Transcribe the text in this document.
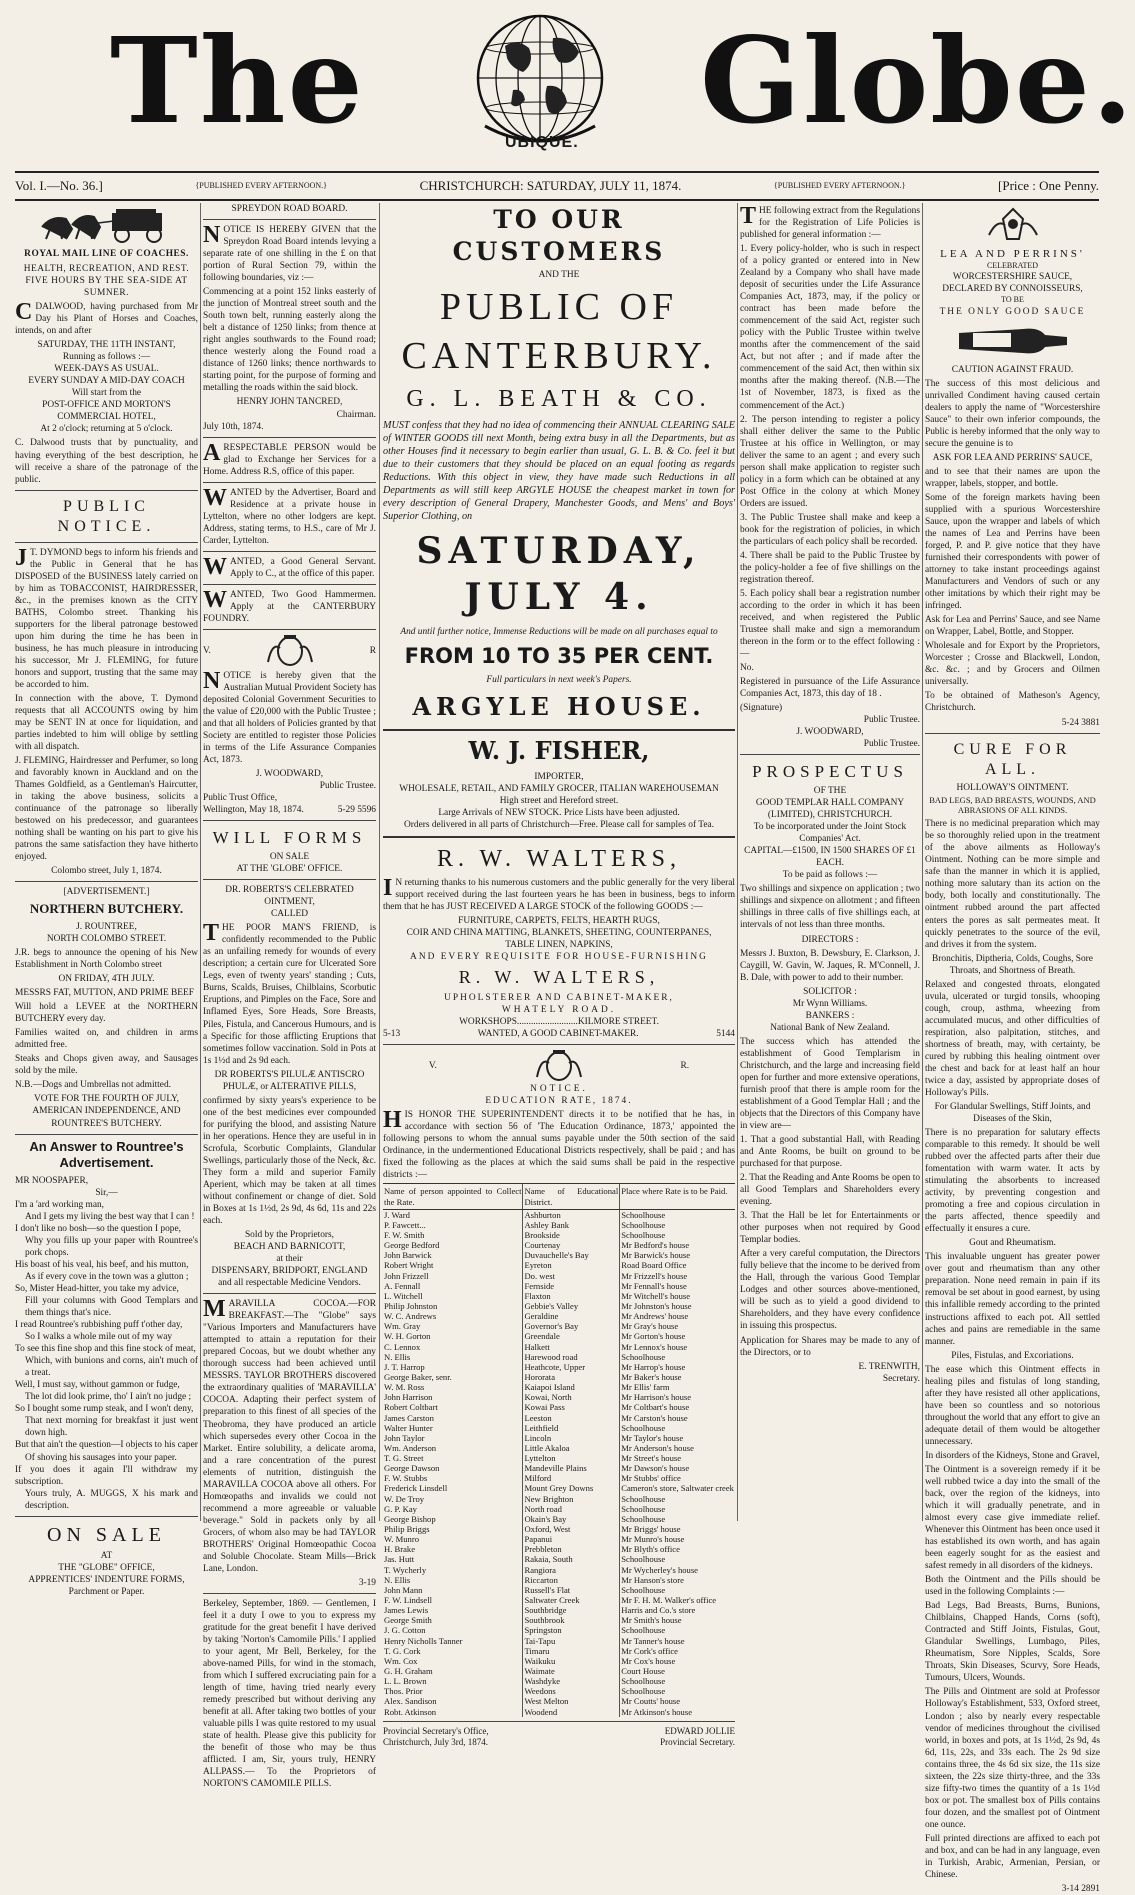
The	UBIQUE. Globe.
Vol. I.—No. 36.]	{PUBLISHED EVERY AFTERNOON.}	CHRISTCHURCH: SATURDAY, JULY 11, 1874.	{PUBLISHED EVERY AFTERNOON.}	[Price : One Penny.
ROYAL MAIL LINE OF COACHES.
HEALTH, RECREATION, AND REST.
FIVE HOURS BY THE SEA-SIDE AT SUMNER.

CDALWOOD, having purchased from Mr Day his Plant of Horses and Coaches, intends, on and after

SATURDAY, THE 11TH INSTANT,
Running as follows :—
WEEK-DAYS AS USUAL.
EVERY SUNDAY A MID-DAY COACH
Will start from the
POST-OFFICE AND MORTON'S COMMERCIAL HOTEL,
At 2 o'clock; returning at 5 o'clock.

C. Dalwood trusts that by punctuality, and having everything of the best description, he will receive a share of the patronage of the public.

PUBLIC NOTICE.

J T. DYMOND begs to inform his friends and the Public in General that he has DISPOSED of the BUSINESS lately carried on by him as TOBACCONIST, HAIRDRESSER, &c., in the premises known as the CITY BATHS, Colombo street. Thanking his supporters for the liberal patronage bestowed upon him during the time he has been in business, he has much pleasure in introducing his successor, Mr J. FLEMING, for future honors and support, trusting that the same may be accorded to him.

In connection with the above, T. Dymond requests that all ACCOUNTS owing by him may be SENT IN at once for liquidation, and parties indebted to him will oblige by settling with all dispatch.

J. FLEMING, Hairdresser and Perfumer, so long and favorably known in Auckland and on the Thames Goldfield, as a Gentleman's Haircutter, in taking the above business, solicits a continuance of the patronage so liberally bestowed on his predecessor, and guarantees nothing shall be wanting on his part to give his patrons the same satisfaction they have hitherto enjoyed.

Colombo street, July 1, 1874.
[ADVERTISEMENT.]
NORTHERN BUTCHERY.
J. ROUNTREE,
NORTH COLOMBO STREET.

J.R. begs to announce the opening of his New Establishment in North Colombo street

ON FRIDAY, 4TH JULY.

MESSRS FAT, MUTTON, AND PRIME BEEF

Will hold a LEVEE at the NORTHERN BUTCHERY every day.

Families waited on, and children in arms admitted free.

Steaks and Chops given away, and Sausages sold by the mile.

N.B.—Dogs and Umbrellas not admitted.

VOTE FOR THE FOURTH OF JULY, AMERICAN INDEPENDENCE, AND ROUNTREE'S BUTCHERY.

An Answer to Rountree's Advertisement.
MR NOOSPAPER,
Sir,—
I'm a 'ard working man,
And I gets my living the best way that I can !
I don't like no bosh—so the question I pope,
Why you fills up your paper with Rountree's pork chops.
His boast of his veal, his beef, and his mutton,
As if every cove in the town was a glutton ;
So, Mister Head-hitter, you take my advice,
Fill your columns with Good Templars and them things that's nice.
I read Rountree's rubbishing puff t'other day,
So I walks a whole mile out of my way
To see this fine shop and this fine stock of meat,
Which, with bunions and corns, ain't much of a treat.
Well, I must say, without gammon or fudge,
The lot did look prime, tho' I ain't no judge ;
So I bought some rump steak, and I won't deny,
That next morning for breakfast it just went down high.
But that ain't the question—I objects to his caper
Of shoving his sausages into your paper.
If you does it again I'll withdraw my subscription.
Yours truly, A. MUGGS, X his mark and description.
ON SALE
AT
THE "GLOBE" OFFICE,
APPRENTICES' INDENTURE FORMS,
Parchment or Paper.
SPREYDON ROAD BOARD.

NOTICE IS HEREBY GIVEN that the Spreydon Road Board intends levying a separate rate of one shilling in the £ on that portion of Rural Section 79, within the following boundaries, viz :—

Commencing at a point 152 links easterly of the junction of Montreal street south and the South town belt, running easterly along the belt a distance of 1250 links; from thence at right angles southwards to the Found road; thence westerly along the Found road a distance of 1260 links; thence northwards to starting point, for the purpose of forming and metalling the roads within the said block.

HENRY JOHN TANCRED,
Chairman.
July 10th, 1874.

ARESPECTABLE PERSON would be glad to Exchange her Services for a Home. Address R.S, office of this paper.

WANTED by the Advertiser, Board and Residence at a private house in Lyttelton, where no other lodgers are kept. Address, stating terms, to H.S., care of Mr J. Carder, Lyttelton.

WANTED, a Good General Servant. Apply to C., at the office of this paper.

WANTED, Two Good Hammermen. Apply at the CANTERBURY FOUNDRY.

V.	R

NOTICE is hereby given that the Australian Mutual Provident Society has deposited Colonial Government Securities to the value of £20,000 with the Public Trustee ; and that all holders of Policies granted by that Society are entitled to register those Policies in terms of the Life Assurance Companies Act, 1873.

J. WOODWARD,
Public Trustee.
Public Trust Office,
Wellington, May 18, 1874.	5-29 5596
WILL FORMS
ON SALE
AT THE 'GLOBE' OFFICE.
DR. ROBERTS'S CELEBRATED OINTMENT,
CALLED

THE POOR MAN'S FRIEND, is confidently recommended to the Public as an unfailing remedy for wounds of every description; a certain cure for Ulcerated Sore Legs, even of twenty years' standing ; Cuts, Burns, Scalds, Bruises, Chilblains, Scorbutic Eruptions, and Pimples on the Face, Sore and Inflamed Eyes, Sore Heads, Sore Breasts, Piles, Fistula, and Cancerous Humours, and is a Specific for those afflicting Eruptions that sometimes follow vaccination. Sold in Pots at 1s 1½d and 2s 9d each.

DR ROBERTS'S PILULÆ ANTISCRO PHULÆ, or ALTERATIVE PILLS,

confirmed by sixty years's experience to be one of the best medicines ever compounded for purifying the blood, and assisting Nature in her operations. Hence they are useful in in Scrofula, Scorbutic Complaints, Glandular Swellings, particularly those of the Neck, &c. They form a mild and superior Family Aperient, which may be taken at all times without confinement or change of diet. Sold in Boxes at 1s 1½d, 2s 9d, 4s 6d, 11s and 22s each.

Sold by the Proprietors,
BEACH AND BARNICOTT,
at their
DISPENSARY, BRIDPORT, ENGLAND
and all respectable Medicine Vendors.

MARAVILLA COCOA.—FOR BREAKFAST.—The "Globe" says "Various Importers and Manufacturers have attempted to attain a reputation for their prepared Cocoas, but we doubt whether any thorough success had been achieved until MESSRS. TAYLOR BROTHERS discovered the extraordinary qualities of 'MARAVILLA' COCOA. Adapting their perfect system of preparation to this finest of all species of the Theobroma, they have produced an article which supersedes every other Cocoa in the Market. Entire solubility, a delicate aroma, and a rare concentration of the purest elements of nutrition, distinguish the MARAVILLA COCOA above all others. For Homœopaths and invalids we could not recommend a more agreeable or valuable beverage." Sold in packets only by all Grocers, of whom also may be had TAYLOR BROTHERS' Original Homœopathic Cocoa and Soluble Chocolate. Steam Mills—Brick Lane, London.

3-19

Berkeley, September, 1869. — Gentlemen, I feel it a duty I owe to you to express my gratitude for the great benefit I have derived by taking 'Norton's Camomile Pills.' I applied to your agent, Mr Bell, Berkeley, for the above-named Pills, for wind in the stomach, from which I suffered excruciating pain for a length of time, having tried nearly every remedy prescribed but without deriving any benefit at all. After taking two bottles of your valuable pills I was quite restored to my usual state of health. Please give this publicity for the benefit of those who may be thus afflicted. I am, Sir, yours truly, HENRY ALLPASS.— To the Proprietors of NORTON'S CAMOMILE PILLS.

TO OUR CUSTOMERS
AND THE
PUBLIC OF CANTERBURY.
G. L. BEATH & CO.

MUST confess that they had no idea of commencing their ANNUAL CLEARING SALE of WINTER GOODS till next Month, being extra busy in all the Departments, but as other Houses find it necessary to begin earlier than usual, G. L. B. & Co. feel it but due to their customers that they should be placed on an equal footing as regards Reductions. With this object in view, they have made such Reductions in all Departments as will still keep ARGYLE HOUSE the cheapest market in town for every description of General Drapery, Manchester Goods, and Mens' and Boys' Superior Clothing, on

SATURDAY, JULY 4.
And until further notice, Immense Reductions will be made on all purchases equal to
FROM 10 TO 35 PER CENT.
Full particulars in next week's Papers.
ARGYLE HOUSE.
W. J. FISHER,
IMPORTER,
WHOLESALE, RETAIL, AND FAMILY GROCER, ITALIAN WAREHOUSEMAN
High street and Hereford street.
Large Arrivals of NEW STOCK. Price Lists have been adjusted.
Orders delivered in all parts of Christchurch—Free. Please call for samples of Tea.
R. W. WALTERS,

I N returning thanks to his numerous customers and the public generally for the very liberal support received during the last fourteen years he has been in business, begs to inform them that he has JUST RECEIVED A LARGE STOCK of the following GOODS :—

FURNITURE, CARPETS, FELTS, HEARTH RUGS,
COIR AND CHINA MATTING, BLANKETS, SHEETING, COUNTERPANES,
TABLE LINEN, NAPKINS,
AND EVERY REQUISITE FOR HOUSE-FURNISHING
R. W. WALTERS,
UPHOLSTERER AND CABINET-MAKER,
WHATELY ROAD.
WORKSHOPS..........................KILMORE STREET.
5-13	WANTED, A GOOD CABINET-MAKER.	5144
V.	R.
NOTICE.
EDUCATION RATE, 1874.

HIS HONOR THE SUPERINTENDENT directs it to be notified that he has, in accordance with section 56 of 'The Education Ordinance, 1873,' appointed the following persons to whom the annual sums payable under the 50th section of the said Ordinance, in the undermentioned Educational Districts respectively, shall be paid ; and has fixed the following as the places at which the said sums shall be paid in the respective districts :—

Name of person appointed to Collect the Rate.	Name of Educational District.	Place where Rate is to be Paid.
J. Ward	Ashburton	Schoolhouse
P. Fawcett...	Ashley Bank	Schoolhouse
F. W. Smith	Brookside	Schoolhouse
George Bedford	Courtenay	Mr Bedford's house
John Barwick	Duvauchelle's Bay	Mr Barwick's house
Robert Wright	Eyreton	Road Board Office
John Frizzell	Do. west	Mr Frizzell's house
A. Fennall	Fernside	Mr Fennall's house
L. Witchell	Flaxton	Mr Witchell's house
Philip Johnston	Gebbie's Valley	Mr Johnston's house
W. C. Andrews	Geraldine	Mr Andrews' house
Wm. Gray	Governor's Bay	Mr Gray's house
W. H. Gorton	Greendale	Mr Gorton's house
C. Lennox	Halkett	Mr Lennox's house
N. Ellis	Harewood road	Schoolhouse
J. T. Harrop	Heathcote, Upper	Mr Harrop's house
George Baker, senr.	Hororata	Mr Baker's house
W. M. Ross	Kaiapoi Island	Mr Ellis' farm
John Harrison	Kowai, North	Mr Harrison's house
Robert Coltbart	Kowai Pass	Mr Coltbart's house
James Carston	Leeston	Mr Carston's house
Walter Hunter	Leithfield	Schoolhouse
John Taylor	Lincoln	Mr Taylor's house
Wm. Anderson	Little Akaloa	Mr Anderson's house
T. G. Street	Lyttelton	Mr Street's house
George Dawson	Mandeville Plains	Mr Dawson's house
F. W. Stubbs	Milford	Mr Stubbs' office
Frederick Linsdell	Mount Grey Downs	Cameron's store, Saltwater creek
W. De Troy	New Brighton	Schoolhouse
G. P. Kay	North road	Schoolhouse
George Bishop	Okain's Bay	Schoolhouse
Philip Briggs	Oxford, West	Mr Briggs' house
W. Munro	Papanui	Mr Munro's house
H. Brake	Prebbleton	Mr Blyth's office
Jas. Hutt	Rakaia, South	Schoolhouse
T. Wycherly	Rangiora	Mr Wycherley's house
N. Ellis	Riccarton	Mr Hanson's store
John Mann	Russell's Flat	Schoolhouse
F. W. Lindsell	Saltwater Creek	Mr F. H. M. Walker's office
James Lewis	Southbridge	Harris and Co.'s store
George Smith	Southbrook	Mr Smith's house
J. G. Cotton	Springston	Schoolhouse
Henry Nicholls Tanner	Tai-Tapu	Mr Tanner's house
T. G. Cork	Timaru	Mr Cork's office
Wm. Cox	Waikuku	Mr Cox's house
G. H. Graham	Waimate	Court House
L. L. Brown	Washdyke	Schoolhouse
Thos. Prior	Weedons	Schoolhouse
Alex. Sandison	West Melton	Mr Coutts' house
Robt. Atkinson	Woodend	Mr Atkinson's house
Provincial Secretary's Office,
Christchurch, July 3rd, 1874.
EDWARD JOLLIE
Provincial Secretary.

THE following extract from the Regulations for the Registration of Life Policies is published for general information :—

1. Every policy-holder, who is such in respect of a policy granted or entered into in New Zealand by a Company who shall have made deposit of securities under the Life Assurance Companies Act, 1873, may, if the policy or contract has been made before the commencement of the said Act, register such policy with the Public Trustee within twelve months after the commencement of the said Act, but not after ; and if made after the commencement of the said Act, then within six months after the making thereof. (N.B.—The 1st of November, 1873, is fixed as the commencement of the Act.)

2. The person intending to register a policy shall either deliver the same to the Public Trustee at his office in Wellington, or may deliver the same to an agent ; and every such person shall make application to register such policy in a form which can be obtained at any Post Office in the colony at which Money Orders are issued.

3. The Public Trustee shall make and keep a book for the registration of policies, in which the particulars of each policy shall be recorded.

4. There shall be paid to the Public Trustee by the policy-holder a fee of five shillings on the registration thereof.

5. Each policy shall bear a registration number according to the order in which it has been received, and when registered the Public Trustee shall make and sign a memorandum thereon in the form or to the effect following :—

No.

Registered in pursuance of the Life Assurance Companies Act, 1873, this day of 18 .

(Signature)
Public Trustee.
J. WOODWARD,
Public Trustee.
PROSPECTUS
OF THE
GOOD TEMPLAR HALL COMPANY (LIMITED), CHRISTCHURCH.
To be incorporated under the Joint Stock Companies' Act.
CAPITAL—£1500, IN 1500 SHARES OF £1 EACH.
To be paid as follows :—

Two shillings and sixpence on application ; two shillings and sixpence on allotment ; and fifteen shillings in three calls of five shillings each, at intervals of not less than three months.

DIRECTORS :

Messrs J. Buxton, B. Dewsbury, E. Clarkson, J. Caygill, W. Gavin, W. Jaques, R. M'Connell, J. B. Dale, with power to add to their number.

SOLICITOR :
Mr Wynn Williams.
BANKERS :
National Bank of New Zealand.

The success which has attended the establishment of Good Templarism in Christchurch, and the large and increasing field open for further and more extensive operations, furnish proof that there is ample room for the establishment of a Good Templar Hall ; and the objects that the Directors of this Company have in view are—

1. That a good substantial Hall, with Reading and Ante Rooms, be built on ground to be purchased for that purpose.

2. That the Reading and Ante Rooms be open to all Good Templars and Shareholders every evening.

3. That the Hall be let for Entertainments or other purposes when not required by Good Templar bodies.

After a very careful computation, the Directors fully believe that the income to be derived from the Hall, through the various Good Templar Lodges and other sources above-mentioned, will be such as to yield a good dividend to Shareholders, and they have every confidence in issuing this prospectus.

Application for Shares may be made to any of the Directors, or to

E. TRENWITH,
Secretary.
LEA AND PERRINS'
CELEBRATED
WORCESTERSHIRE SAUCE,
DECLARED BY CONNOISSEURS,
TO BE
THE ONLY GOOD SAUCE
CAUTION AGAINST FRAUD.

The success of this most delicious and unrivalled Condiment having caused certain dealers to apply the name of "Worcestershire Sauce" to their own inferior compounds, the Public is hereby informed that the only way to secure the genuine is to

ASK FOR LEA AND PERRINS' SAUCE,

and to see that their names are upon the wrapper, labels, stopper, and bottle.

Some of the foreign markets having been supplied with a spurious Worcestershire Sauce, upon the wrapper and labels of which the names of Lea and Perrins have been forged, P. and P. give notice that they have furnished their correspondents with power of attorney to take instant proceedings against Manufacturers and Vendors of such or any other imitations by which their right may be infringed.

Ask for Lea and Perrins' Sauce, and see Name on Wrapper, Label, Bottle, and Stopper.

Wholesale and for Export by the Proprietors, Worcester ; Crosse and Blackwell, London, &c. &c. ; and by Grocers and Oilmen universally.

To be obtained of Matheson's Agency, Christchurch.

5-24 3881
CURE FOR ALL.
HOLLOWAY'S OINTMENT.
BAD LEGS, BAD BREASTS, WOUNDS, AND ABRASIONS OF ALL KINDS.

There is no medicinal preparation which may be so thoroughly relied upon in the treatment of the above ailments as Holloway's Ointment. Nothing can be more simple and safe than the manner in which it is applied, nothing more salutary than its action on the body, both locally and constitutionally. The ointment rubbed around the part affected enters the pores as salt permeates meat. It quickly penetrates to the source of the evil, and drives it from the system.

Bronchitis, Diptheria, Colds, Coughs, Sore Throats, and Shortness of Breath.

Relaxed and congested throats, elongated uvula, ulcerated or turgid tonsils, whooping cough, croup, asthma, wheezing from accumulated mucus, and other difficulties of respiration, also palpitation, stitches, and shortness of breath, may, with certainty, be cured by rubbing this healing ointment over the chest and back for at least half an hour twice a day, assisted by appropriate doses of Holloway's Pills.

For Glandular Swellings, Stiff Joints, and Diseases of the Skin,

There is no preparation for salutary effects comparable to this remedy. It should be well rubbed over the affected parts after their due fomentation with warm water. It acts by stimulating the absorbents to increased activity, by preventing congestion and promoting a free and copious circulation in the parts affected, thence speedily and effectually it ensures a cure.

Gout and Rheumatism.

This invaluable unguent has greater power over gout and rheumatism than any other preparation. None need remain in pain if its removal be set about in good earnest, by using this infallible remedy according to the printed instructions affixed to each pot. All settled aches and pains are remediable in the same manner.

Piles, Fistulas, and Excoriations.

The ease which this Ointment effects in healing piles and fistulas of long standing, after they have resisted all other applications, have been so countless and so notorious throughout the world that any effort to give an adequate detail of them would be altogether unnecessary.

In disorders of the Kidneys, Stone and Gravel,

The Ointment is a sovereign remedy if it be well rubbed twice a day into the small of the back, over the region of the kidneys, into which it will gradually penetrate, and in almost every case give immediate relief. Whenever this Ointment has been once used it has established its own worth, and has again been eagerly sought for as the easiest and safest remedy in all disorders of the kidneys.

Both the Ointment and the Pills should be used in the following Complaints :—

Bad Legs, Bad Breasts, Burns, Bunions, Chilblains, Chapped Hands, Corns (soft), Contracted and Stiff Joints, Fistulas, Gout, Glandular Swellings, Lumbago, Piles, Rheumatism, Sore Nipples, Scalds, Sore Throats, Skin Diseases, Scurvy, Sore Heads, Tumours, Ulcers, Wounds.

The Pills and Ointment are sold at Professor Holloway's Establishment, 533, Oxford street, London ; also by nearly every respectable vendor of medicines throughout the civilised world, in boxes and pots, at 1s 1½d, 2s 9d, 4s 6d, 11s, 22s, and 33s each. The 2s 9d size contains three, the 4s 6d six size, the 11s size sixteen, the 22s size thirty-three, and the 33s size fifty-two times the quantity of a 1s 1½d box or pot. The smallest box of Pills contains four dozen, and the smallest pot of Ointment one ounce.

Full printed directions are affixed to each pot and box, and can be had in any language, even in Turkish, Arabic, Armenian, Persian, or Chinese.

3-14 2891
